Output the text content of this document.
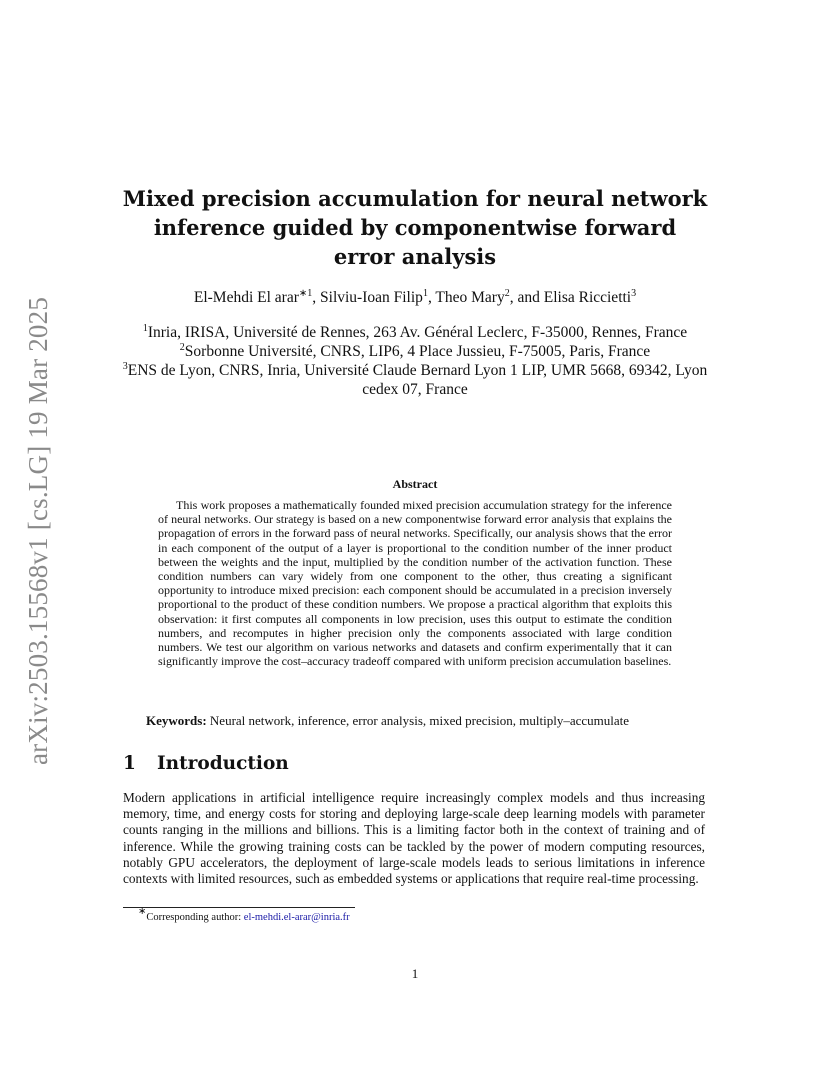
arXiv:2503.15568v1 [cs.LG] 19 Mar 2025
Mixed precision accumulation for neural network inference guided by componentwise forward error analysis
El-Mehdi El arar$^{∗1}$, Silviu-Ioan Filip$^1$, Theo Mary$^2$, and Elisa Riccietti$^3$
$^1$Inria, IRISA, Université de Rennes, 263 Av. Général Leclerc, F-35000, Rennes, France
$^2$Sorbonne Université, CNRS, LIP6, 4 Place Jussieu, F-75005, Paris, France
$^3$ENS de Lyon, CNRS, Inria, Université Claude Bernard Lyon 1 LIP, UMR 5668, 69342, Lyon cedex 07, France
Abstract
This work proposes a mathematically founded mixed precision accumulation strategy for the inference of neural networks. Our strategy is based on a new componentwise forward error analysis that explains the propagation of errors in the forward pass of neural networks. Specifically, our analysis shows that the error in each component of the output of a layer is proportional to the condition number of the inner product between the weights and the input, multiplied by the condition number of the activation function. These condition numbers can vary widely from one component to the other, thus creating a significant opportunity to introduce mixed precision: each component should be accumulated in a precision inversely proportional to the product of these condition numbers. We propose a practical algorithm that exploits this observation: it first computes all components in low precision, uses this output to estimate the condition numbers, and recomputes in higher precision only the components associated with large condition numbers. We test our algorithm on various networks and datasets and confirm experimentally that it can significantly improve the cost–accuracy tradeoff compared with uniform precision accumulation baselines.
Keywords: Neural network, inference, error analysis, mixed precision, multiply–accumulate
1 Introduction
Modern applications in artificial intelligence require increasingly complex models and thus increasing memory, time, and energy costs for storing and deploying large-scale deep learning models with parameter counts ranging in the millions and billions. This is a limiting factor both in the context of training and of inference. While the growing training costs can be tackled by the power of modern computing resources, notably GPU accelerators, the deployment of large-scale models leads to serious limitations in inference contexts with limited resources, such as embedded systems or applications that require real-time processing.
∗Corresponding author: el-mehdi.el-arar@inria.fr
1
